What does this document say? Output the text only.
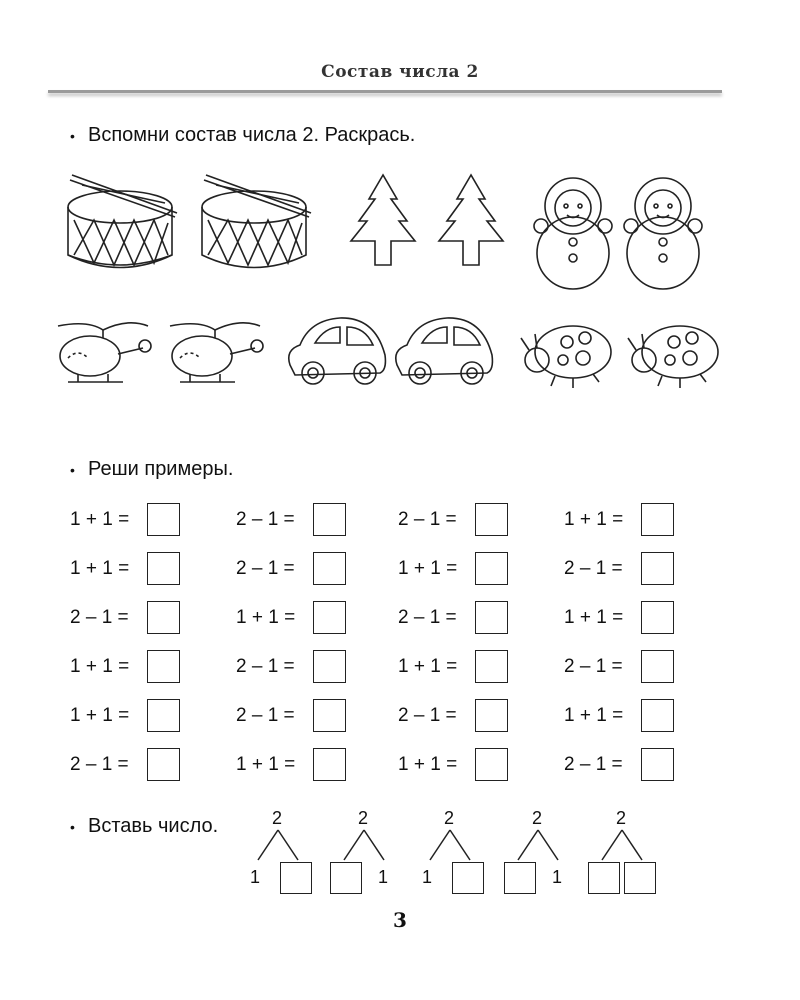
Состав числа 2
• Вспомни состав числа 2. Раскрась.
• Реши примеры.
1 + 1 =	2 – 1 =	2 – 1 =	1 + 1 =
1 + 1 =	2 – 1 =	1 + 1 =	2 – 1 =
2 – 1 =	1 + 1 =	2 – 1 =	1 + 1 =
1 + 1 =	2 – 1 =	1 + 1 =	2 – 1 =
1 + 1 =	2 – 1 =	2 – 1 =	1 + 1 =
2 – 1 =	1 + 1 =	1 + 1 =	2 – 1 =
• Вставь число.	2
1
2
1
2
1
2
1
2
3
